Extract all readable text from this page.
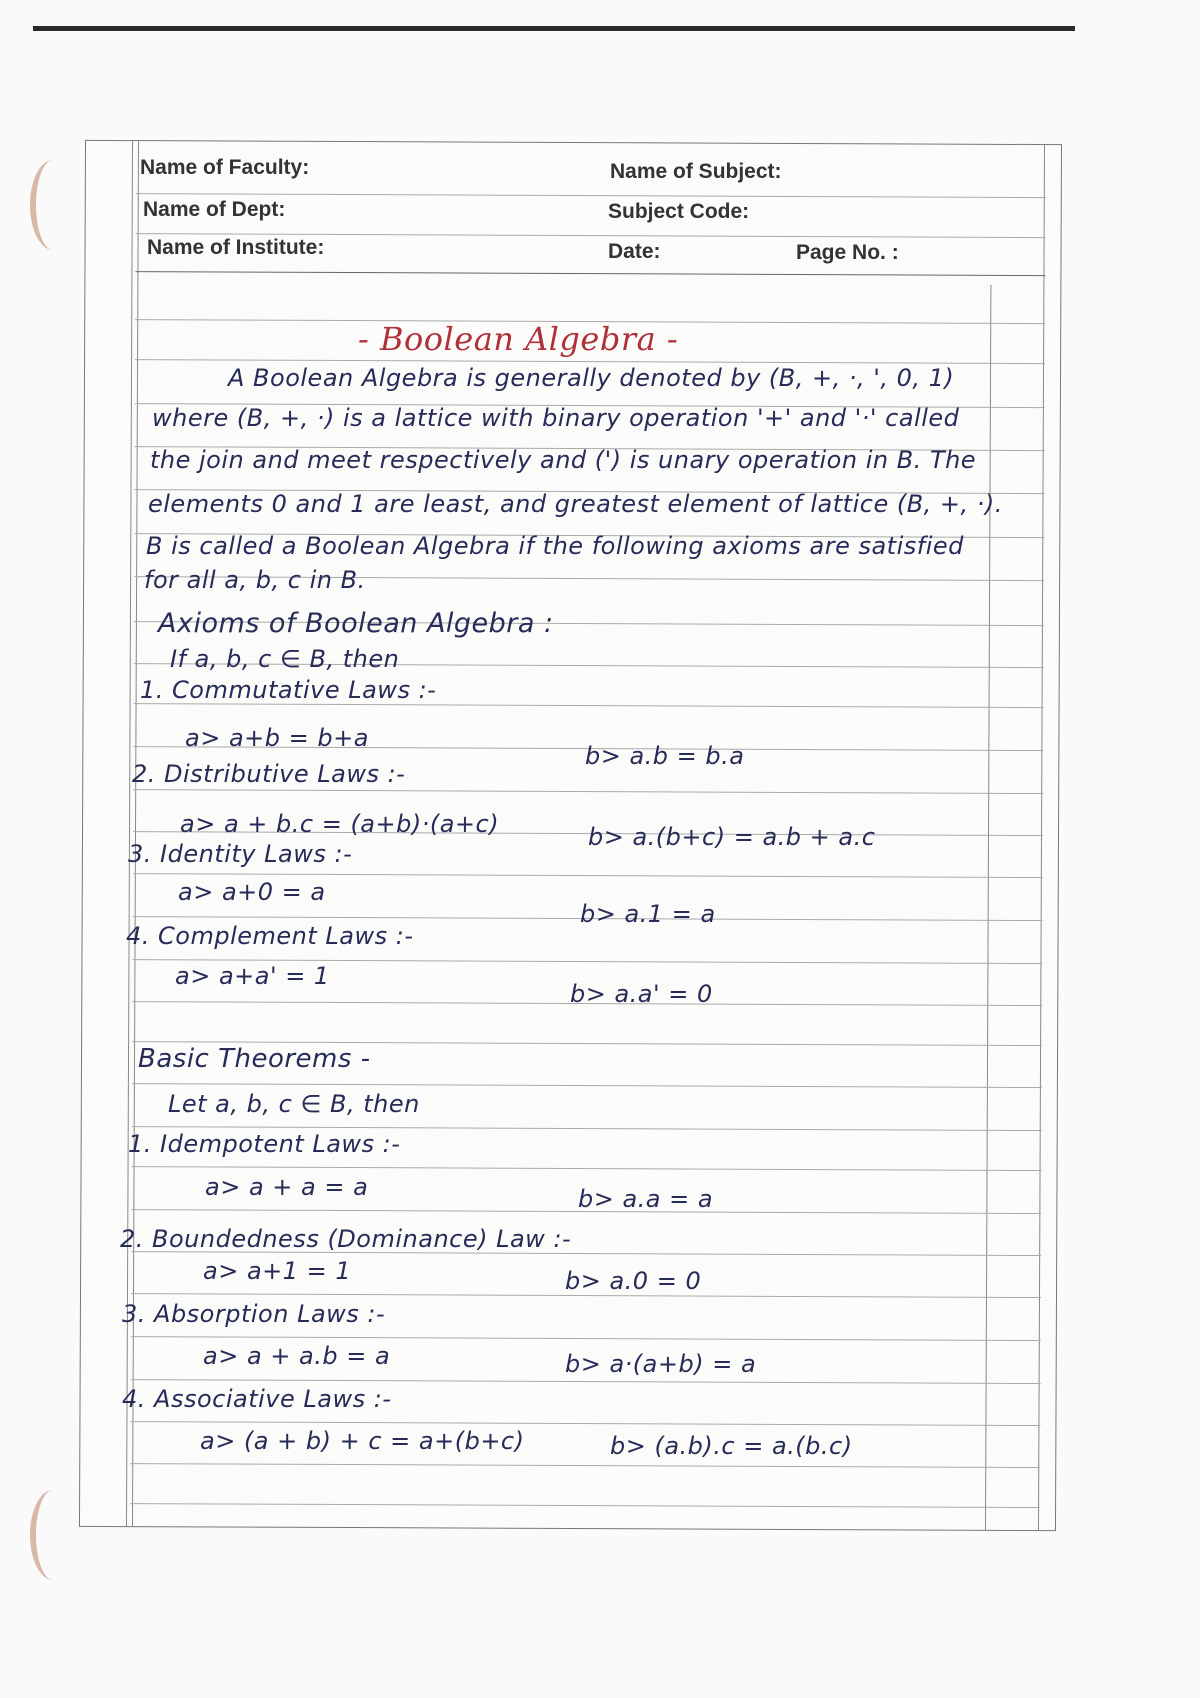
Name of Faculty:	Name of Subject:
Name of Dept:	Subject Code:
Name of Institute:	Date:	Page No. :
- Boolean Algebra -
A Boolean Algebra is generally denoted by (B, +, ·, ', 0, 1)
where (B, +, ·) is a lattice with binary operation '+' and '·' called
the join and meet respectively and (') is unary operation in B. The
elements 0 and 1 are least, and greatest element of lattice (B, +, ·).
B is called a Boolean Algebra if the following axioms are satisfied
for all a, b, c in B.
Axioms of Boolean Algebra :
If a, b, c ∈ B, then
1. Commutative Laws :-
a> a+b = b+a
b> a.b = b.a
2. Distributive Laws :-
a> a + b.c = (a+b)·(a+c)	b> a.(b+c) = a.b + a.c
3. Identity Laws :-
a> a+0 = a
b> a.1 = a
4. Complement Laws :-
a> a+a' = 1
b> a.a' = 0
Basic Theorems -
Let a, b, c ∈ B, then
1. Idempotent Laws :-
a> a + a = a	b> a.a = a
2. Boundedness (Dominance) Law :-
a> a+1 = 1	b> a.0 = 0
3. Absorption Laws :-
a> a + a.b = a	b> a·(a+b) = a
4. Associative Laws :-
a> (a + b) + c = a+(b+c)	b> (a.b).c = a.(b.c)
